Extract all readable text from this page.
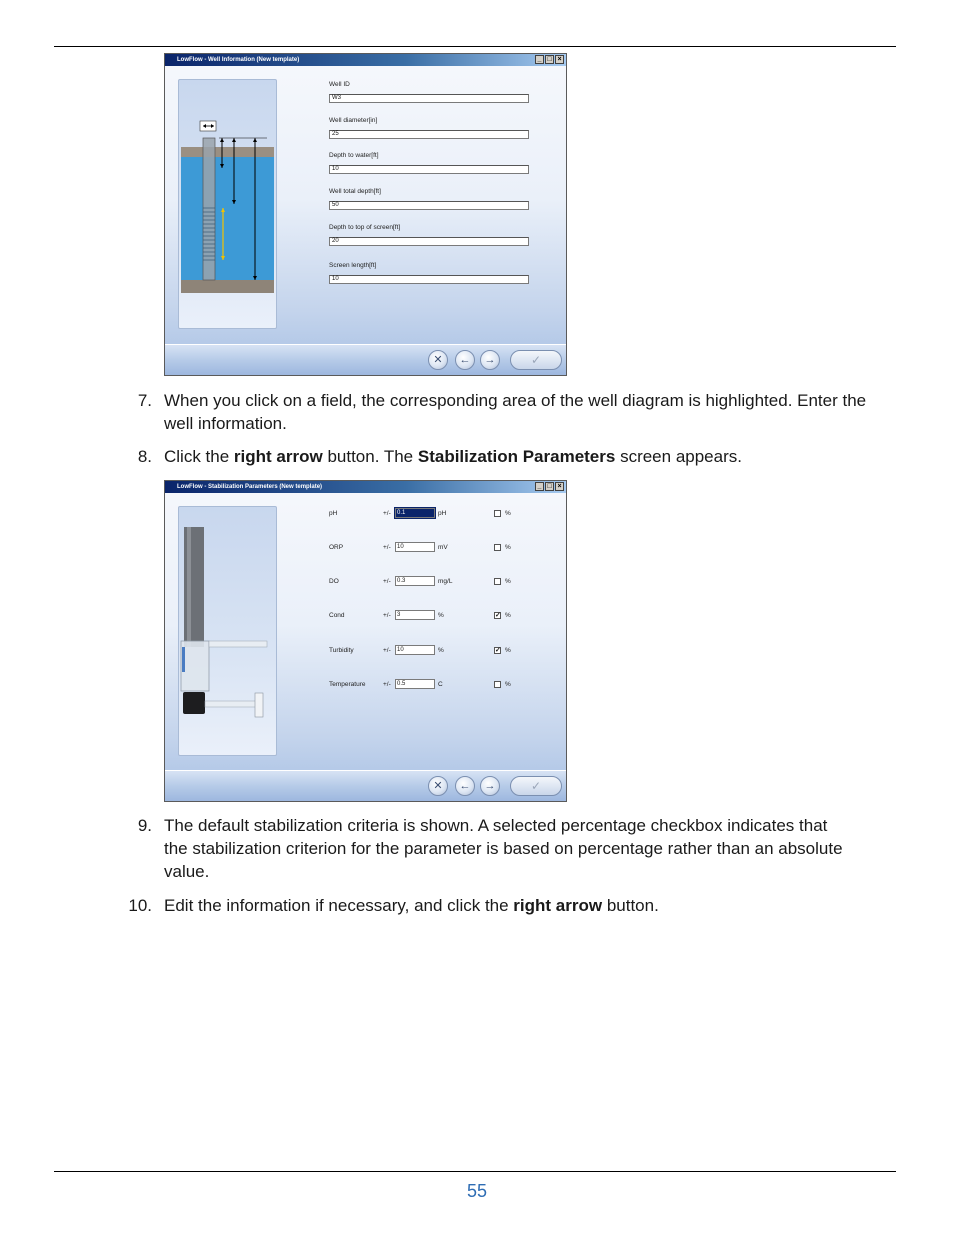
LowFlow - Well Information (New template)	_ □ ×
Well ID
W3
Well diameter[in]
25
Depth to water[ft]
10
Well total depth[ft]
50
Depth to top of screen[ft]
20
Screen length[ft]
10
✕	←	→	✓
7. When you click on a field, the corresponding area of the well diagram is highlighted. Enter the well information.
8. Click the right arrow button. The Stabilization Parameters screen appears.
LowFlow - Stabilization Parameters (New template)	_ □ ×
pH	+/-	0.1	pH	%
ORP	+/-	10	mV	%
DO	+/-	0.3	mg/L	%
Cond	+/-	3	%	✓ %
Turbidity	+/-	10	%	✓ %
Temperature	+/-	0.5	C	%
✕	←	→	✓
9. The default stabilization criteria is shown. A selected percentage checkbox indicates that the stabilization criterion for the parameter is based on percentage rather than an absolute value.
10. Edit the information if necessary, and click the right arrow button.
55
